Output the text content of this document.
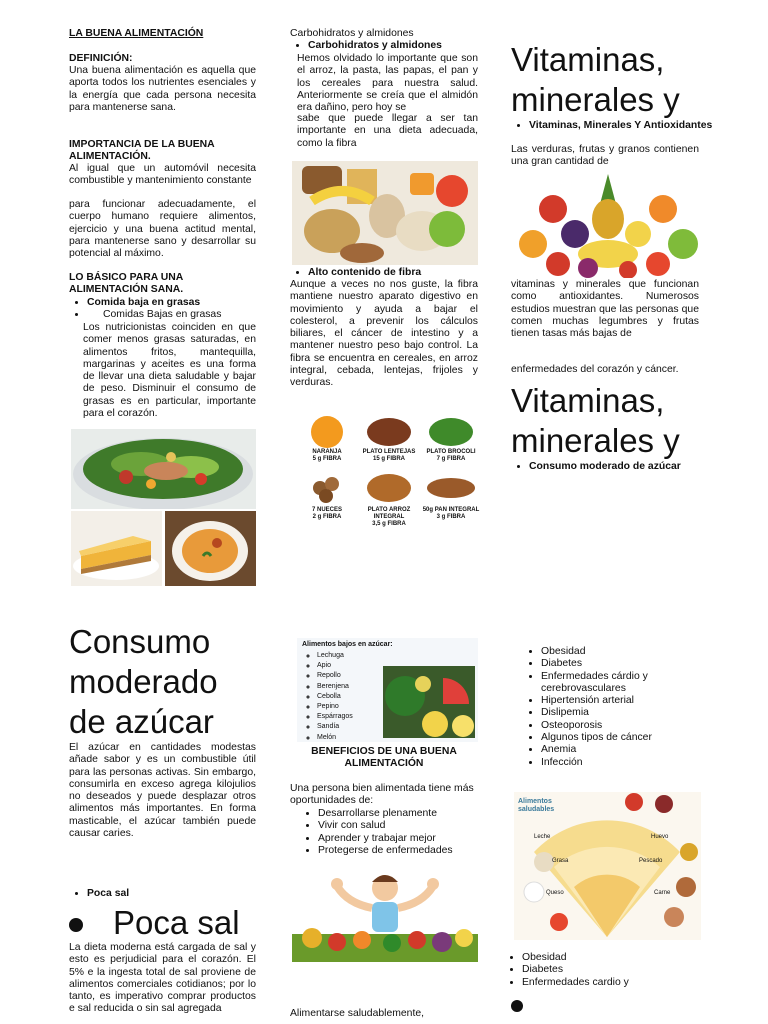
LA BUENA ALIMENTACIÓN
DEFINICIÓN:
Una buena alimentación es aquella que aporta todos los nutrientes esenciales y la energía que cada persona necesita para mantenerse sana.
IMPORTANCIA DE LA BUENA ALIMENTACIÓN.
Al igual que un automóvil necesita combustible y mantenimiento constante
para funcionar adecuadamente, el cuerpo humano requiere alimentos, ejercicio y una buena actitud mental, para mantenerse sano y desarrollar su potencial al máximo.
LO BÁSICO PARA UNA ALIMENTACIÓN SANA.
• Comida baja en grasas
• Comidas Bajas en grasas
Los nutricionistas coinciden en que comer menos grasas saturadas, en alimentos fritos, mantequilla, margarinas y aceites es una forma de llevar una dieta saludable y bajar de peso. Disminuir el consumo de grasas es en particular, importante para el corazón.
Consumo moderado de azúcar
El azúcar en cantidades modestas añade sabor y es un combustible útil para las personas activas. Sin embargo, consumirla en exceso agrega kilojulios no deseados y puede desplazar otros alimentos más importantes. En forma masticable, el azúcar también puede causar caries.
• Poca sal
Poca sal
La dieta moderna está cargada de sal y esto es perjudicial para el corazón. El 5% e la ingesta total de sal proviene de alimentos comerciales cotidianos; por lo tanto, es imperativo comprar productos e sal reducida o sin sal agregada
Carbohidratos y almidones
• Carbohidratos y almidones
Hemos olvidado lo importante que son el arroz, la pasta, las papas, el pan y los cereales para nuestra salud. Anteriormente se creía que el almidón era dañino, pero hoy se
sabe que puede llegar a ser tan importante en una dieta adecuada, como la fibra
• Alto contenido de fibra
Aunque a veces no nos guste, la fibra mantiene nuestro aparato digestivo en movimiento y ayuda a bajar el colesterol, a prevenir los cálculos biliares, el cáncer de intestino y a mantener nuestro peso bajo control. La fibra se encuentra en cereales, en arroz integral, cebada, lentejas, frijoles y verduras.
NARANJA
5 g FIBRA
PLATO LENTEJAS
15 g FIBRA
PLATO BROCOLI
7 g FIBRA
7 NUECES
2 g FIBRA
PLATO ARROZ
INTEGRAL
3,5 g FIBRA
50g PAN INTEGRAL
3 g FIBRA
Alimentos bajos en azúcar:
◦ Lechuga
◦ Apio
◦ Repollo
◦ Berenjena
◦ Cebolla
◦ Pepino
◦ Espárragos
◦ Sandía
◦ Melón
BENEFICIOS DE UNA BUENA ALIMENTACIÓN
Una persona bien alimentada tiene más oportunidades de:
• Desarrollarse plenamente
• Vivir con salud
• Aprender y trabajar mejor
• Protegerse de enfermedades
Alimentarse saludablemente,
Vitaminas, minerales y
• Vitaminas, Minerales Y Antioxidantes
Las verduras, frutas y granos contienen una gran cantidad de
vitaminas y minerales que funcionan como antioxidantes. Numerosos estudios muestran que las personas que comen muchas legumbres y frutas tienen tasas más bajas de
enfermedades del corazón y cáncer.
Vitaminas, minerales y
• Consumo moderado de azúcar
• Obesidad
• Diabetes
• Enfermedades cárdio y cerebrovasculares
• Hipertensión arterial
• Dislipemia
• Osteoporosis
• Algunos tipos de cáncer
• Anemia
• Infección
Alimentos saludables
Leche	Huevo
Grasa	Pescado
Queso	Carne
• Obesidad
• Diabetes
• Enfermedades cardio y
